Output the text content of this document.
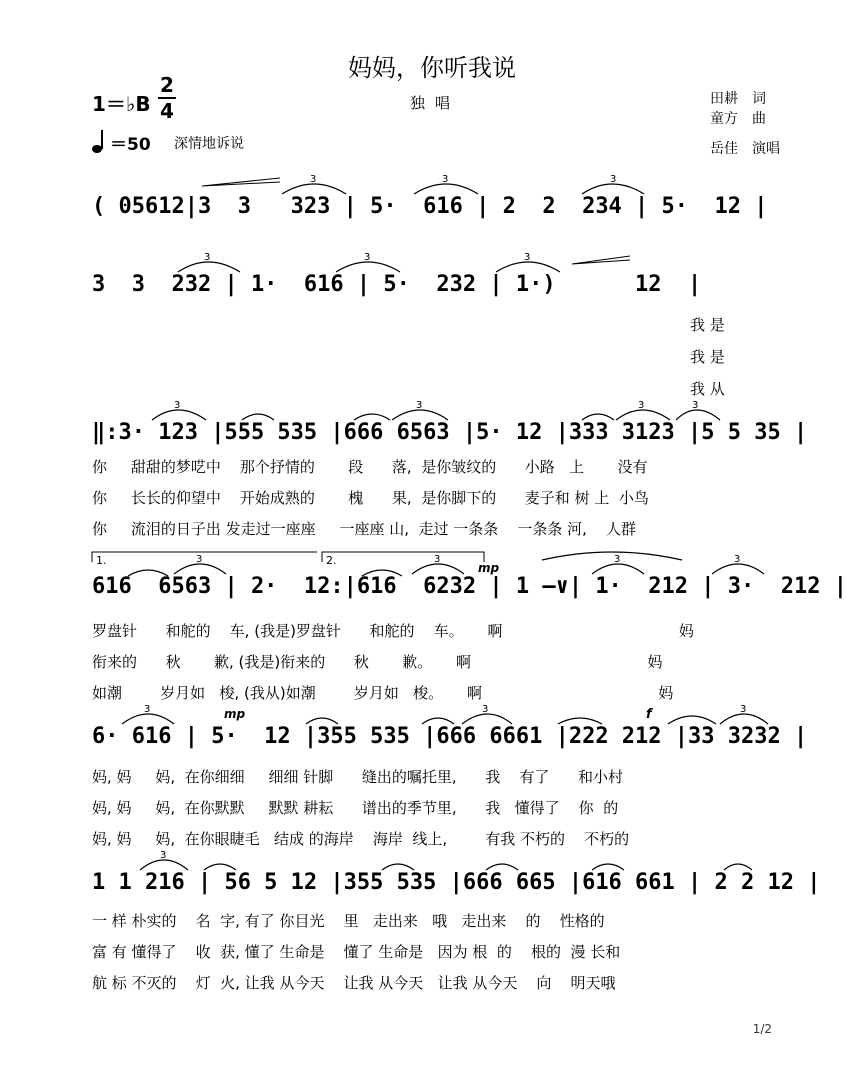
妈妈，你听我说
1＝♭B
2
4	独唱	田耕　词
童方　曲
岳佳　演唱
＝50 深情地诉说
3	3	3
( 05612|3  3   323 | 5·  616 | 2  2  234 | 5·  12 |
3	3	3
3  3  232 | 1·  616 | 5·  232 | 1·)      12  |
我 是
我 是
我 从
3	3	3	3
‖:3· 123 |555 535 |666 6563 |5· 12 |333 3123 |5 5 35 |
你     甜甜的梦呓中    那个抒情的       段      落,  是你皱纹的      小路   上       没有
你     长长的仰望中    开始成熟的       槐      果,  是你脚下的      麦子和 树 上  小鸟
你     流泪的日子出 发走过一座座     一座座 山,  走过 一条条    一条条 河,    人群
1.	2.
3	3
mp
3	3
616  6563 | 2·  12:|616  6232 | 1 —∨| 1·  212 | 3·  212 |
罗盘针      和舵的    车, (我是)罗盘针      和舵的    车。     啊                                     妈
衔来的      秋       歉, (我是)衔来的      秋       歉。     啊                                     妈
如潮        岁月如   梭, (我从)如潮        岁月如   梭。     啊                                     妈
3	mp	3	f	3
6· 616 | 5·  12 |355 535 |666 6661 |222 212 |33 3232 |
妈, 妈     妈,  在你细细     细细 针脚      缝出的嘱托里,      我    有了      和小村
妈, 妈     妈,  在你默默     默默 耕耘      谱出的季节里,      我   懂得了    你  的
妈, 妈     妈,  在你眼睫毛   结成 的海岸    海岸  线上,        有我 不朽的    不朽的
3
1 1 216 | 56 5 12 |355 535 |666 665 |616 661 | 2 2 12 |
一 样 朴实的    名  字, 有了 你目光    里   走出来   哦   走出来    的    性格的
富 有 懂得了    收  获, 懂了 生命是    懂了 生命是   因为 根  的    根的  漫 长和
航 标 不灭的    灯  火, 让我 从今天    让我 从今天   让我 从今天    向    明天哦
1/2
